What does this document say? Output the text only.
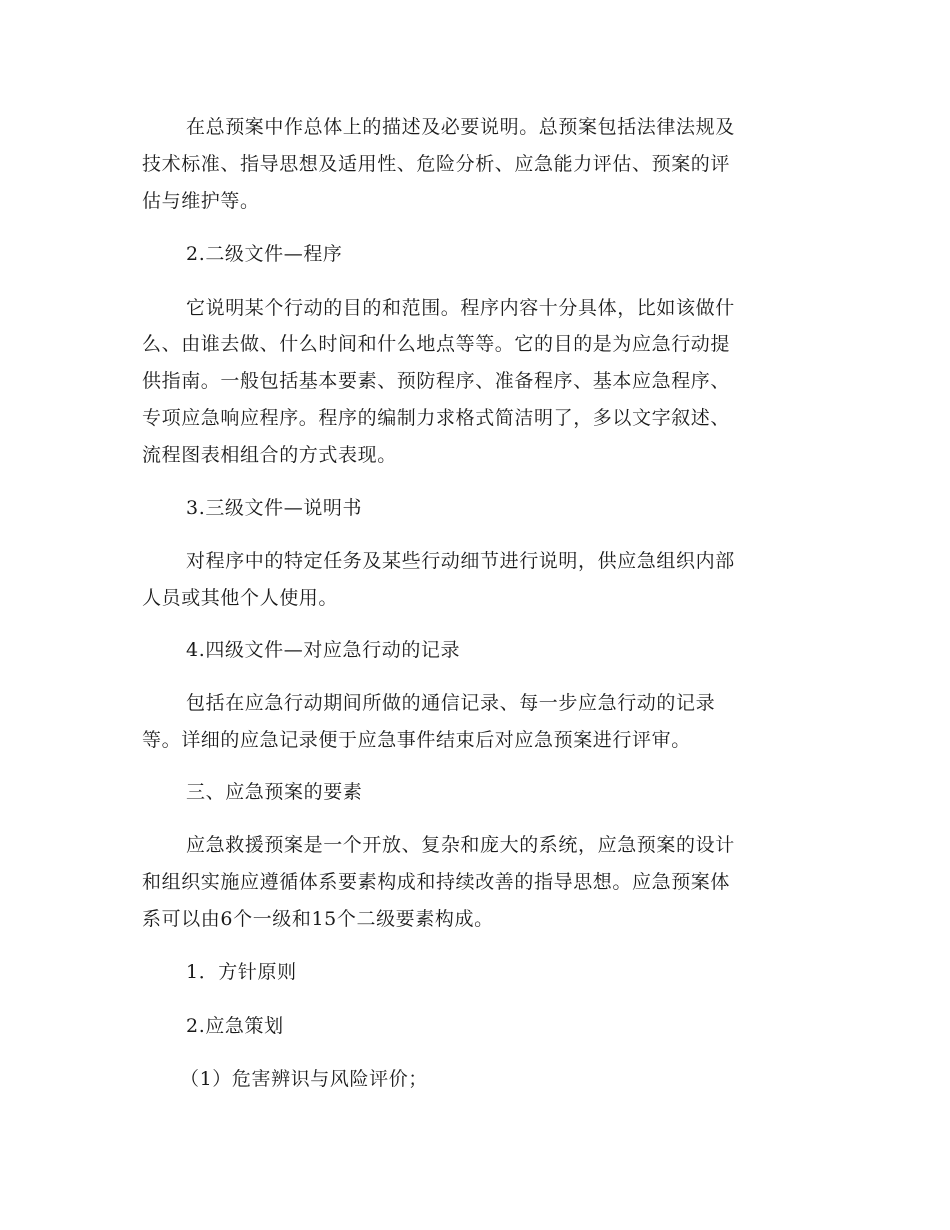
在总预案中作总体上的描述及必要说明。总预案包括法律法规及
技术标准、指导思想及适用性、危险分析、应急能力评估、预案的评
估与维护等。
2.二级文件—程序
它说明某个行动的目的和范围。程序内容十分具体，比如该做什
么、由谁去做、什么时间和什么地点等等。它的目的是为应急行动提
供指南。一般包括基本要素、预防程序、准备程序、基本应急程序、
专项应急响应程序。程序的编制力求格式简洁明了，多以文字叙述、
流程图表相组合的方式表现。
3.三级文件—说明书
对程序中的特定任务及某些行动细节进行说明，供应急组织内部
人员或其他个人使用。
4.四级文件—对应急行动的记录
包括在应急行动期间所做的通信记录、每一步应急行动的记录
等。详细的应急记录便于应急事件结束后对应急预案进行评审。
三、应急预案的要素
应急救援预案是一个开放、复杂和庞大的系统，应急预案的设计
和组织实施应遵循体系要素构成和持续改善的指导思想。应急预案体
系可以由6个一级和15个二级要素构成。
1．方针原则
2.应急策划
（1）危害辨识与风险评价；
